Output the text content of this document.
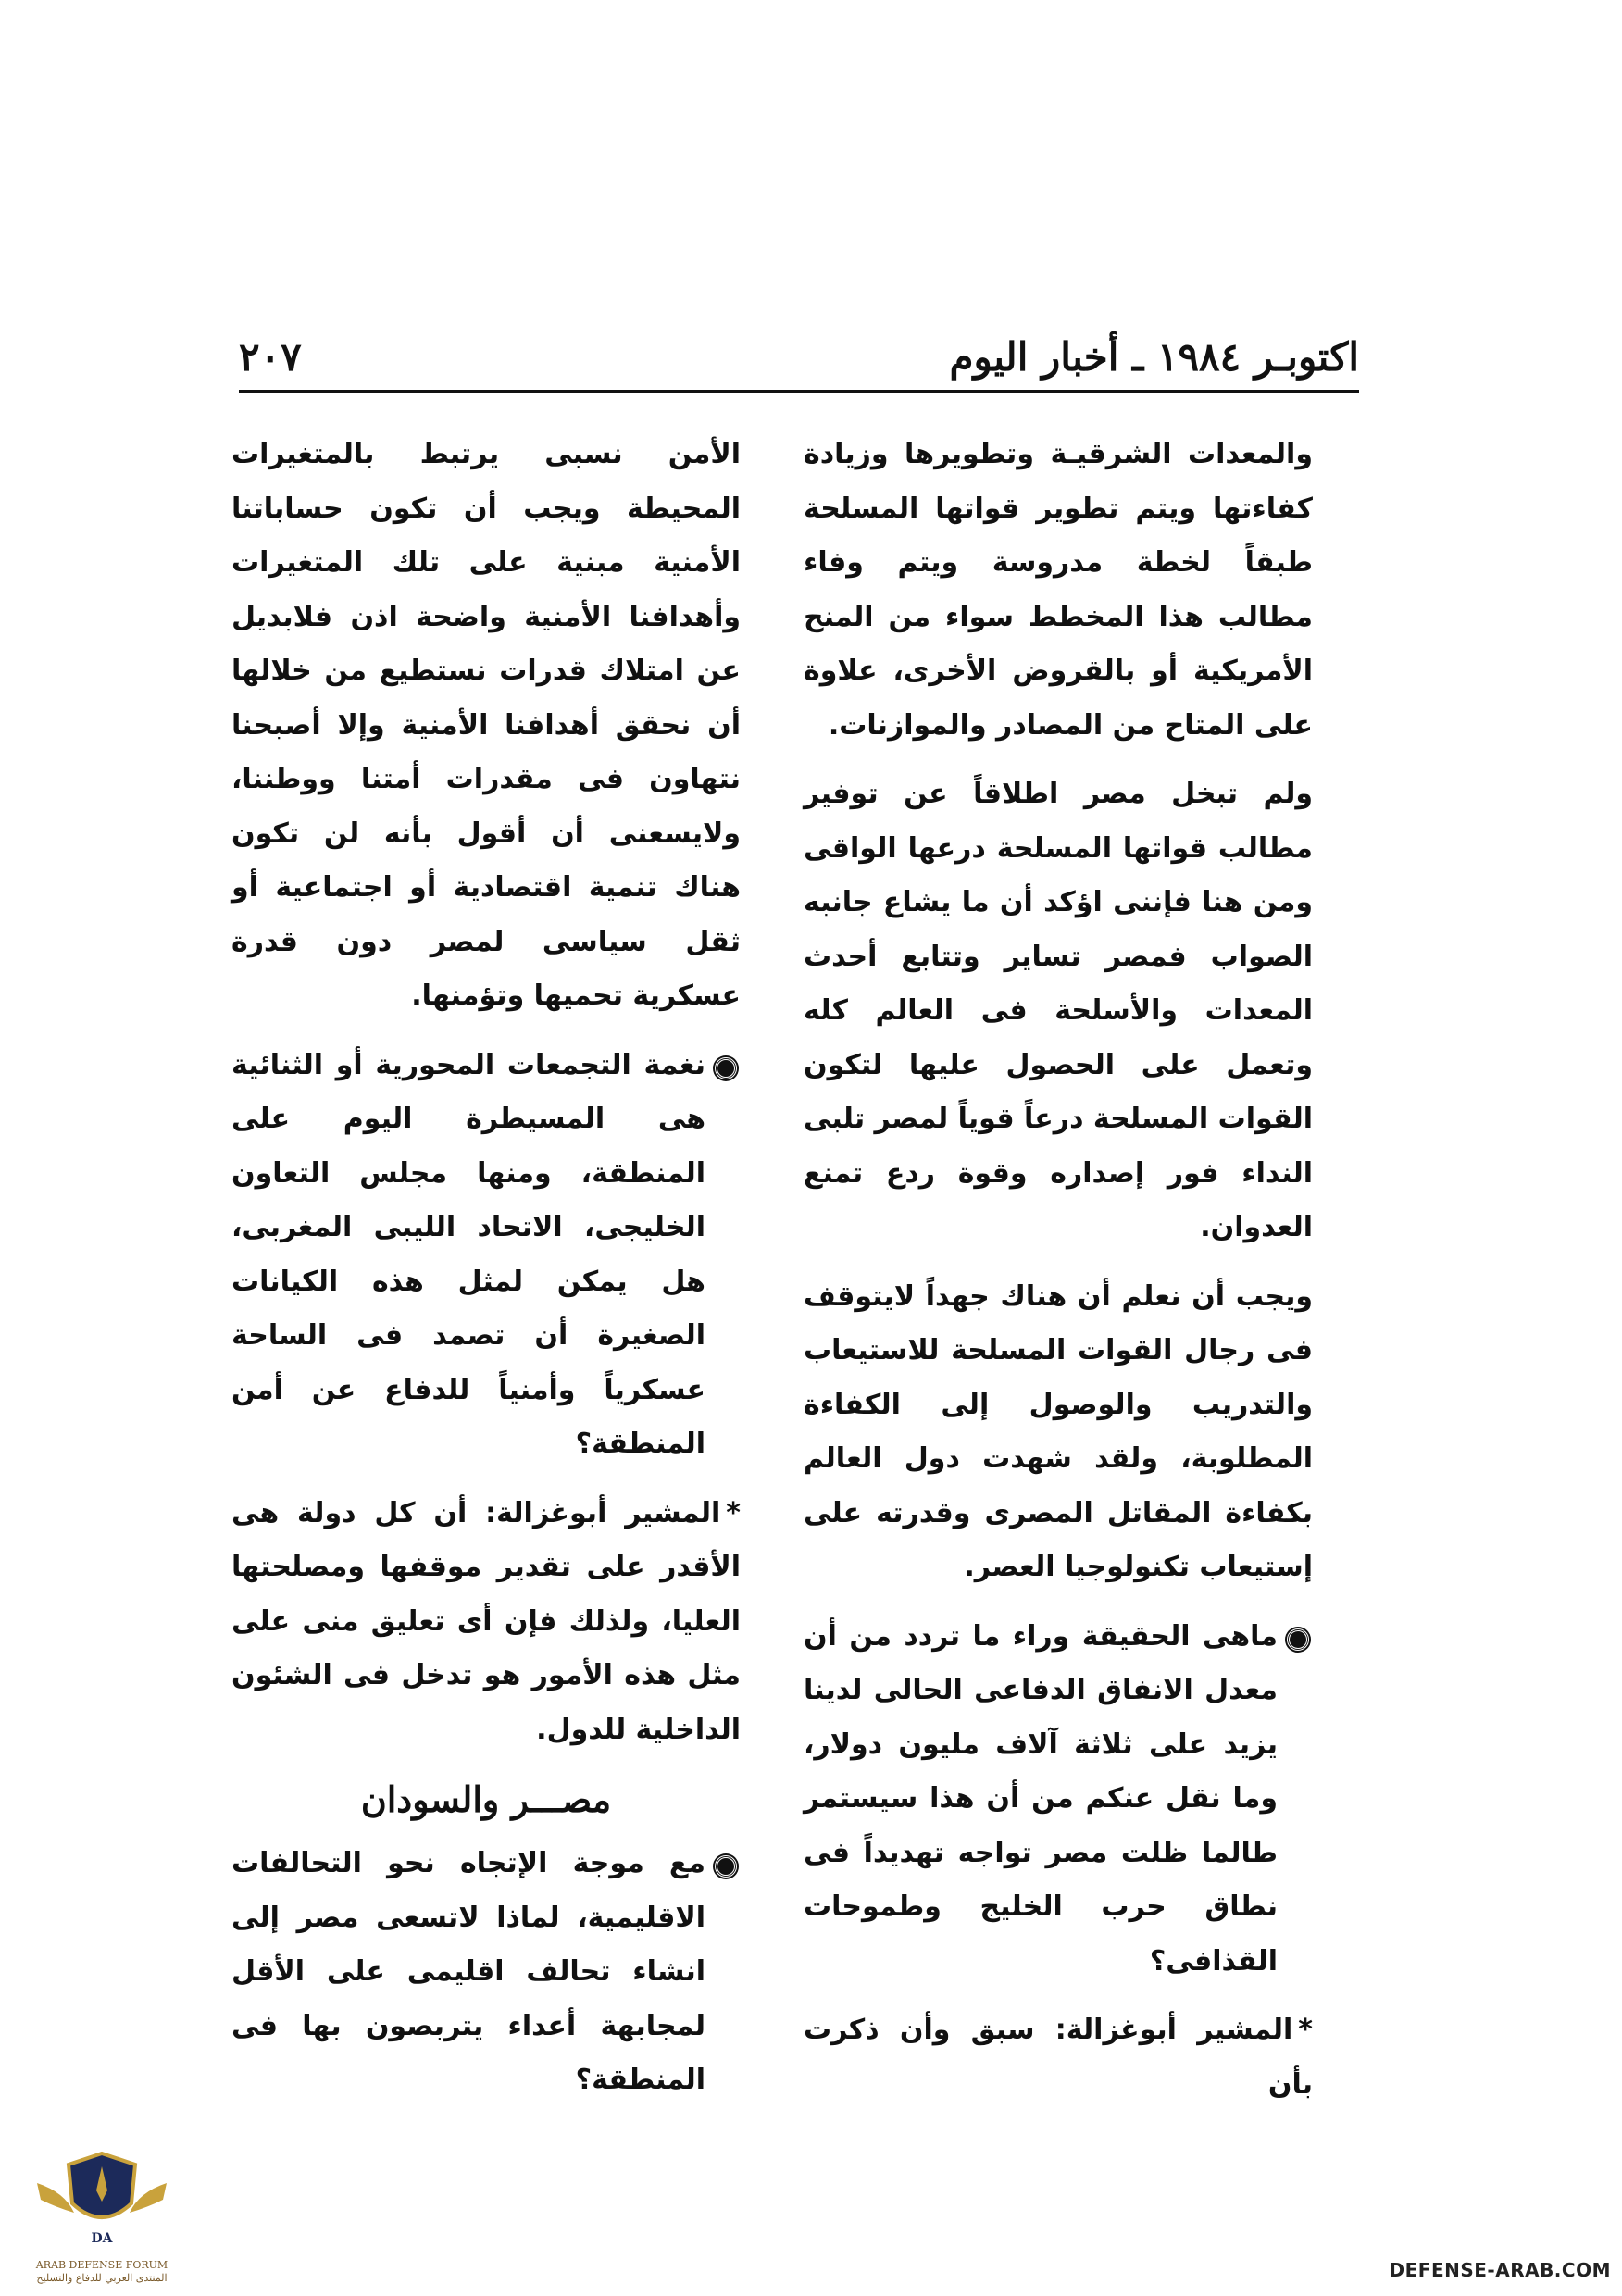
اكتوبـر ١٩٨٤ ـ أخبار اليوم
٢٠٧

والمعدات الشرقيـة وتطويرها وزيادة كفاءتها ويتم تطوير قواتها المسلحة طبقاً لخطة مدروسة ويتم وفاء مطالب هذا المخطط سواء من المنح الأمريكية أو بالقروض الأخرى، علاوة على المتاح من المصادر والموازنات.

ولم تبخل مصر اطلاقاً عن توفير مطالب قواتها المسلحة درعها الواقى ومن هنا فإننى اؤكد أن ما يشاع جانبه الصواب فمصر تساير وتتابع أحدث المعدات والأسلحة فى العالم كله وتعمل على الحصول عليها لتكون القوات المسلحة درعاً قوياً لمصر تلبى النداء فور إصداره وقوة ردع تمنع العدوان.

ويجب أن نعلم أن هناك جهداً لايتوقف فى رجال القوات المسلحة للاستيعاب والتدريب والوصول إلى الكفاءة المطلوبة، ولقد شهدت دول العالم بكفاءة المقاتل المصرى وقدرته على إستيعاب تكنولوجيا العصر.

ماهى الحقيقة وراء ما تردد من أن معدل الانفاق الدفاعى الحالى لدينا يزيد على ثلاثة آلاف مليون دولار، وما نقل عنكم من أن هذا سيستمر طالما ظلت مصر تواجه تهديداً فى نطاق حرب الخليج وطموحات القذافى؟

*المشير أبوغزالة: سبق وأن ذكرت بأن

الأمن نسبى يرتبط بالمتغيرات المحيطة ويجب أن تكون حساباتنا الأمنية مبنية على تلك المتغيرات وأهدافنا الأمنية واضحة اذن فلابديل عن امتلاك قدرات نستطيع من خلالها أن نحقق أهدافنا الأمنية وإلا أصبحنا نتهاون فى مقدرات أمتنا ووطننا، ولايسعنى أن أقول بأنه لن تكون هناك تنمية اقتصادية أو اجتماعية أو ثقل سياسى لمصر دون قدرة عسكرية تحميها وتؤمنها.

نغمة التجمعات المحورية أو الثنائية هى المسيطرة اليوم على المنطقة، ومنها مجلس التعاون الخليجى، الاتحاد الليبى المغربى، هل يمكن لمثل هذه الكيانات الصغيرة أن تصمد فى الساحة عسكرياً وأمنياً للدفاع عن أمن المنطقة؟

*المشير أبوغزالة: أن كل دولة هى الأقدر على تقدير موقفها ومصلحتها العليا، ولذلك فإن أى تعليق منى على مثل هذه الأمور هو تدخل فى الشئون الداخلية للدول.

مصـــر والسودان

مع موجة الإتجاه نحو التحالفات الاقليمية، لماذا لاتسعى مصر إلى انشاء تحالف اقليمى على الأقل لمجابهة أعداء يتربصون بها فى المنطقة؟

DA
ARAB DEFENSE FORUM
المنتدى العربي للدفاع والتسليح	DEFENSE-ARAB.COM
